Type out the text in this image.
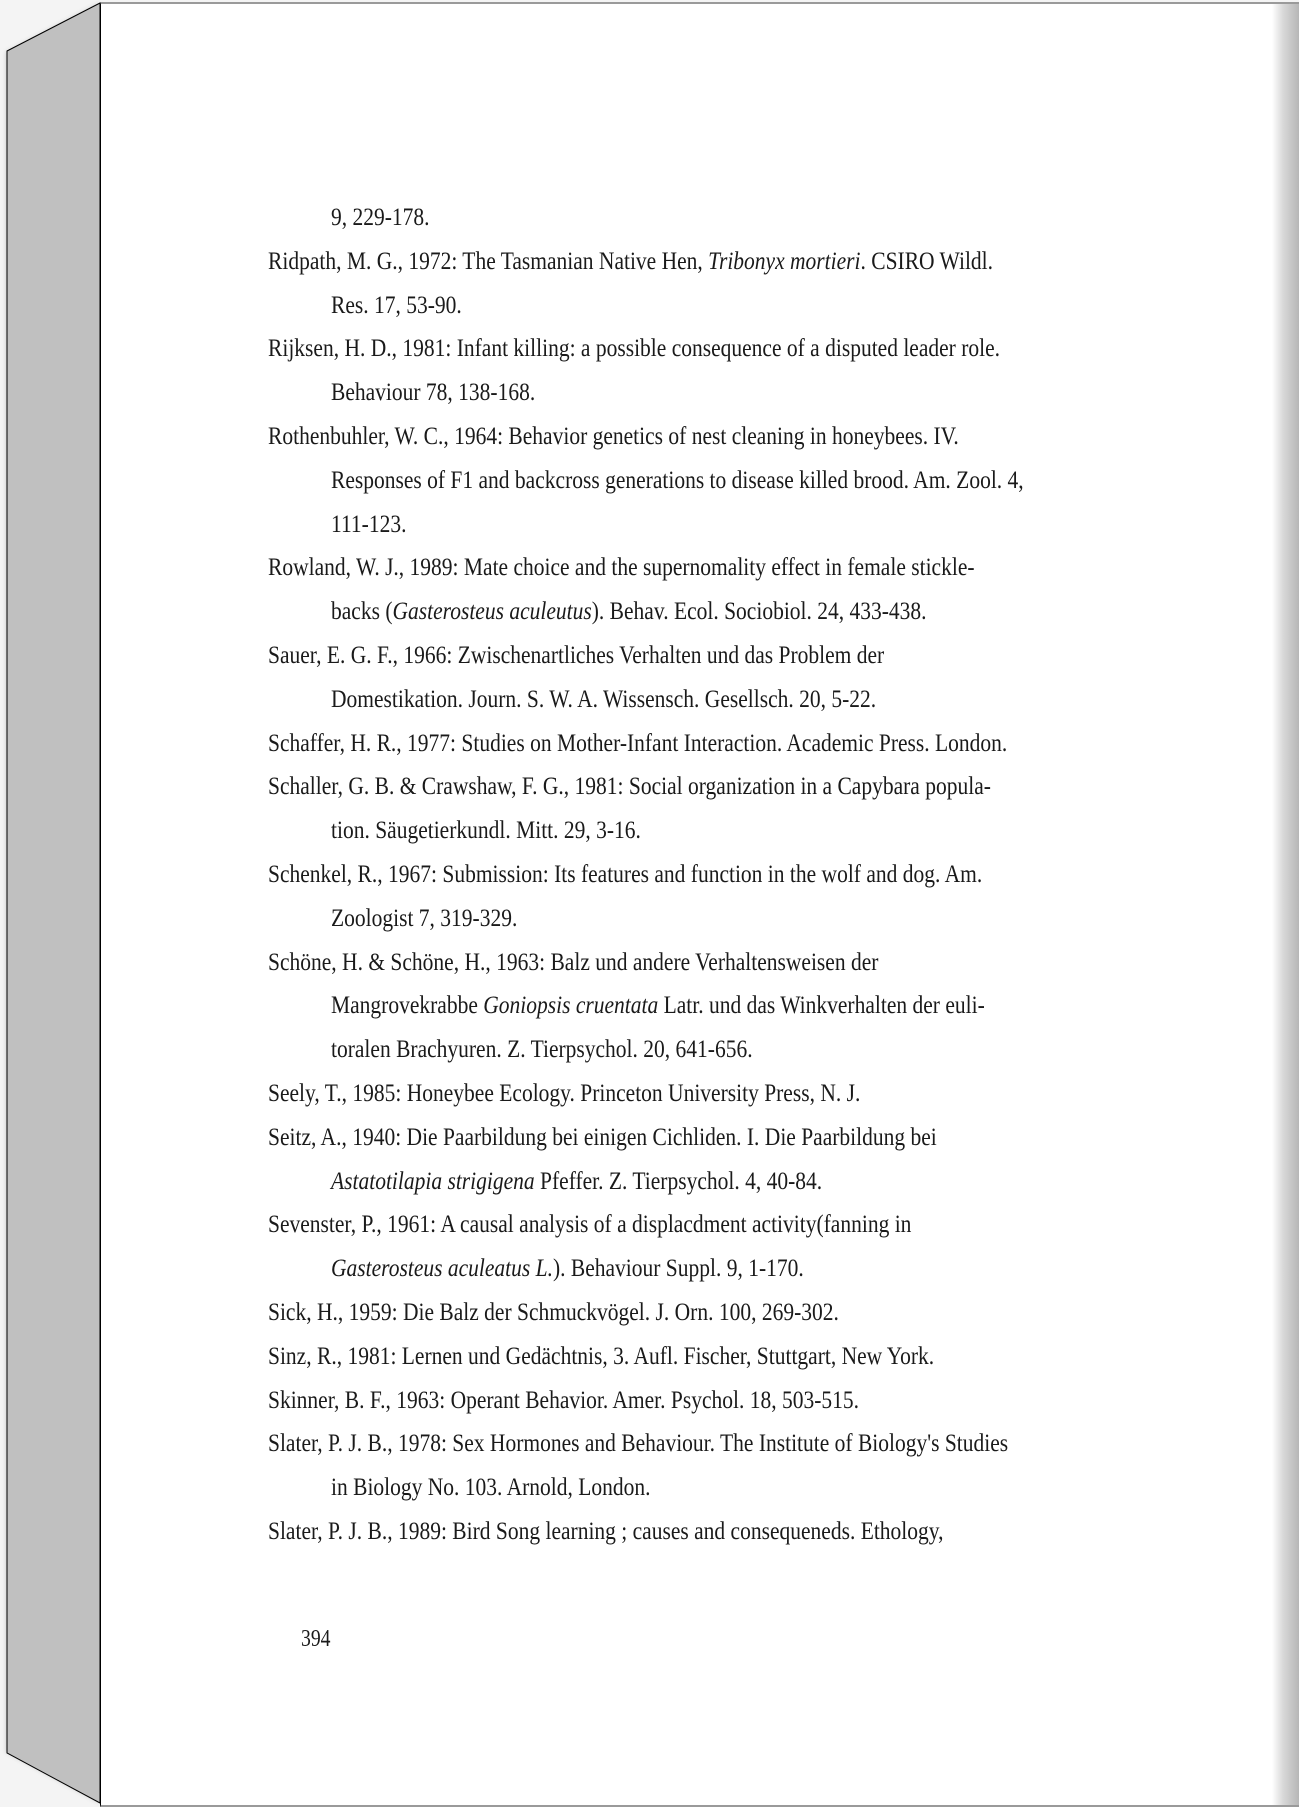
9, 229-178.
Ridpath, M. G., 1972: The Tasmanian Native Hen, Tribonyx mortieri. CSIRO Wildl.
Res. 17, 53-90.
Rijksen, H. D., 1981: Infant killing: a possible consequence of a disputed leader role.
Behaviour 78, 138-168.
Rothenbuhler, W. C., 1964: Behavior genetics of nest cleaning in honeybees. IV.
Responses of F1 and backcross generations to disease killed brood. Am. Zool. 4,
111-123.
Rowland, W. J., 1989: Mate choice and the supernomality effect in female stickle-
backs (Gasterosteus aculeutus). Behav. Ecol. Sociobiol. 24, 433-438.
Sauer, E. G. F., 1966: Zwischenartliches Verhalten und das Problem der
Domestikation. Journ. S. W. A. Wissensch. Gesellsch. 20, 5-22.
Schaffer, H. R., 1977: Studies on Mother-Infant Interaction. Academic Press. London.
Schaller, G. B. & Crawshaw, F. G., 1981: Social organization in a Capybara popula-
tion. Säugetierkundl. Mitt. 29, 3-16.
Schenkel, R., 1967: Submission: Its features and function in the wolf and dog. Am.
Zoologist 7, 319-329.
Schöne, H. & Schöne, H., 1963: Balz und andere Verhaltensweisen der
Mangrovekrabbe Goniopsis cruentata Latr. und das Winkverhalten der euli-
toralen Brachyuren. Z. Tierpsychol. 20, 641-656.
Seely, T., 1985: Honeybee Ecology. Princeton University Press, N. J.
Seitz, A., 1940: Die Paarbildung bei einigen Cichliden. I. Die Paarbildung bei
Astatotilapia strigigena Pfeffer. Z. Tierpsychol. 4, 40-84.
Sevenster, P., 1961: A causal analysis of a displacdment activity(fanning in
Gasterosteus aculeatus L.). Behaviour Suppl. 9, 1-170.
Sick, H., 1959: Die Balz der Schmuckvögel. J. Orn. 100, 269-302.
Sinz, R., 1981: Lernen und Gedächtnis, 3. Aufl. Fischer, Stuttgart, New York.
Skinner, B. F., 1963: Operant Behavior. Amer. Psychol. 18, 503-515.
Slater, P. J. B., 1978: Sex Hormones and Behaviour. The Institute of Biology's Studies
in Biology No. 103. Arnold, London.
Slater, P. J. B., 1989: Bird Song learning ; causes and consequeneds. Ethology,
394
